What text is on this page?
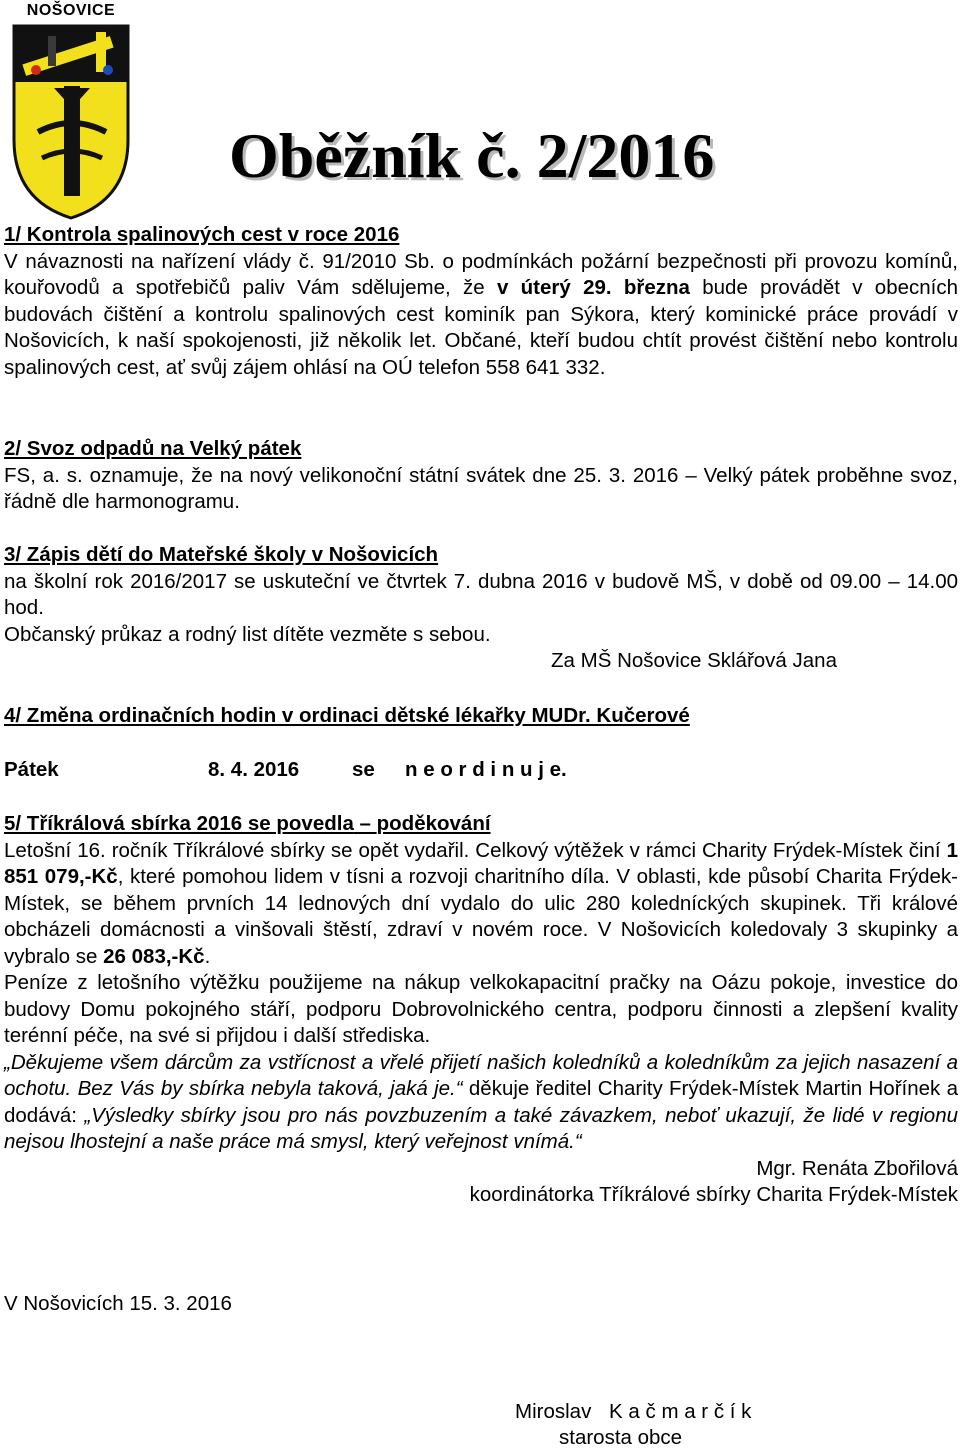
NOŠOVICE
Oběžník č. 2/2016

1/ Kontrola spalinových cest v roce 2016

V návaznosti na nařízení vlády č. 91/2010 Sb. o podmínkách požární bezpečnosti při provozu komínů, kouřovodů a spotřebičů paliv Vám sdělujeme, že v úterý 29. března bude provádět v obecních budovách čištění a kontrolu spalinových cest kominík pan Sýkora, který kominické práce provádí v Nošovicích, k naší spokojenosti, již několik let. Občané, kteří budou chtít provést čištění nebo kontrolu spalinových cest, ať svůj zájem ohlásí na OÚ telefon 558 641 332.

2/ Svoz odpadů na Velký pátek

FS, a. s. oznamuje, že na nový velikonoční státní svátek dne 25. 3. 2016 – Velký pátek proběhne svoz, řádně dle harmonogramu.

3/ Zápis dětí do Mateřské školy v Nošovicích

na školní rok 2016/2017 se uskuteční ve čtvrtek 7. dubna 2016 v budově MŠ, v době od 09.00 – 14.00 hod.

Občanský průkaz a rodný list dítěte vezměte s sebou.

Za MŠ Nošovice Sklářová Jana

4/ Změna ordinačních hodin v ordinaci dětské lékařky MUDr. Kučerové

Pátek	8. 4. 2016	se n e o r d i n u j e.

5/ Tříkrálová sbírka 2016 se povedla – poděkování

Letošní 16. ročník Tříkrálové sbírky se opět vydařil. Celkový výtěžek v rámci Charity Frýdek-Místek činí 1 851 079,-Kč, které pomohou lidem v tísni a rozvoji charitního díla. V oblasti, kde působí Charita Frýdek-Místek, se během prvních 14 lednových dní vydalo do ulic 280 koledníckých skupinek. Tři králové obcházeli domácnosti a vinšovali štěstí, zdraví v novém roce. V Nošovicích koledovaly 3 skupinky a vybralo se 26 083,-Kč.

Peníze z letošního výtěžku použijeme na nákup velkokapacitní pračky na Oázu pokoje, investice do budovy Domu pokojného stáří, podporu Dobrovolnického centra, podporu činnosti a zlepšení kvality terénní péče, na své si přijdou i další střediska.

„Děkujeme všem dárcům za vstřícnost a vřelé přijetí našich koledníků a koledníkům za jejich nasazení a ochotu. Bez Vás by sbírka nebyla taková, jaká je.“ děkuje ředitel Charity Frýdek-Místek Martin Hořínek a dodává: „Výsledky sbírky jsou pro nás povzbuzením a také závazkem, neboť ukazují, že lidé v regionu nejsou lhostejní a naše práce má smysl, který veřejnost vnímá.“

Mgr. Renáta Zbořilová

koordinátorka Tříkrálové sbírky Charita Frýdek-Místek

V Nošovicích 15. 3. 2016
Miroslav K a č m a r č í k
starosta obce
